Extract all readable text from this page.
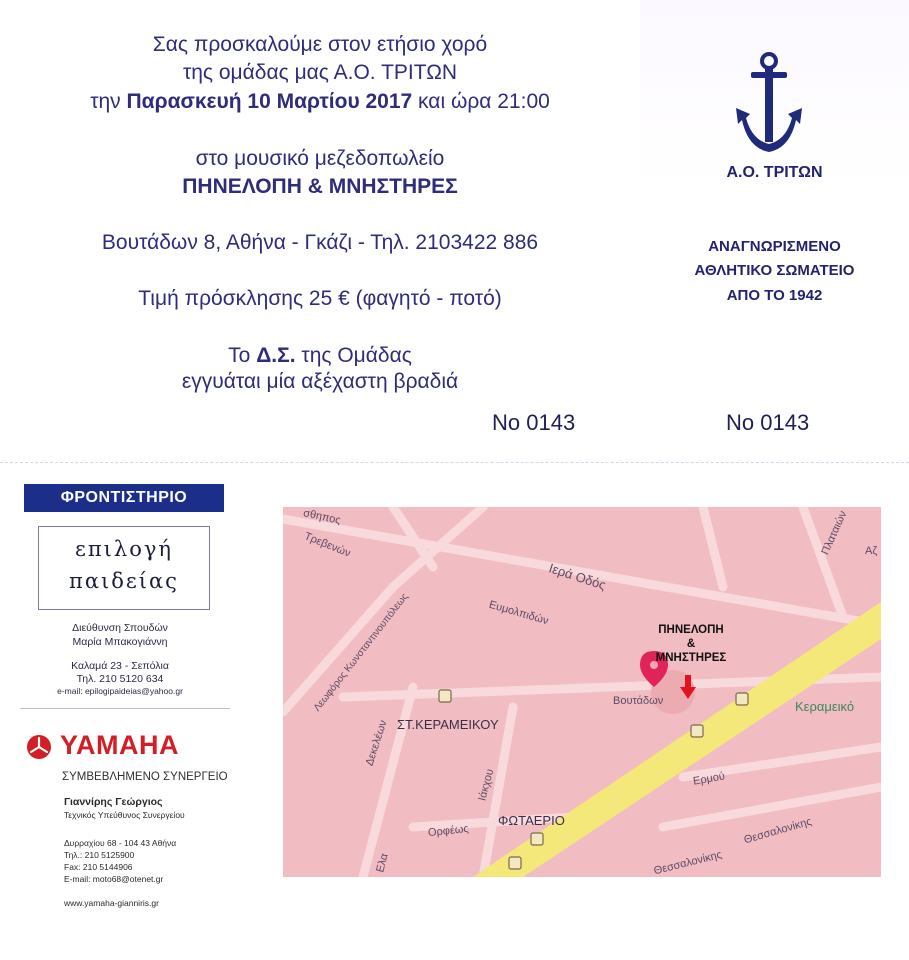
Σας προσκαλούμε στον ετήσιο χορό
της ομάδας μας Α.Ο. ΤΡΙΤΩΝ
την Παρασκευή 10 Μαρτίου 2017 και ώρα 21:00
στο μουσικό μεζεδοπωλείο
ΠΗΝΕΛΟΠΗ & ΜΝΗΣΤΗΡΕΣ
Βουτάδων 8, Αθήνα - Γκάζι - Τηλ. 2103422 886
Τιμή πρόσκλησης 25 € (φαγητό - ποτό)
Το Δ.Σ. της Ομάδας
εγγυάται μία αξέχαστη βραδιά
No 0143
Α.Ο. ΤΡΙΤΩΝ
ΑΝΑΓΝΩΡΙΣΜΕΝΟ
ΑΘΛΗΤΙΚΟ ΣΩΜΑΤΕΙΟ
ΑΠΟ ΤΟ 1942
No 0143
ΦΡΟΝΤΙΣΤΗΡΙΟ
επιλογή
παιδείας
Διεύθυνση Σπουδών
Μαρία Μπακογιάννη
Καλαμά 23 - Σεπόλια
Τηλ. 210 5120 634
e-mail: epilogipaideias@yahoo.gr
YAMAHA
ΣΥΜΒΕΒΛΗΜΕΝΟ ΣΥΝΕΡΓΕΙΟ
Γιαννίρης Γεώργιος
Τεχνικός Υπεύθυνος Συνεργείου
Δυρραχίου 68 - 104 43 Αθήνα
Τηλ.: 210 5125900
Fax: 210 5144906
E-mail: moto68@otenet.gr
www.yamaha-gianniris.gr
Τρεβενών
Ιερά Οδός
Ευμολπιδών
Λεωφόρος Κωνσταντινουπόλεως	Βουτάδων
Δεκελέων
Ορφέως
Ιάκχου	Ερμού
Θεσσαλονίκης
Θεσσαλονίκης
Πλαταιών
Ελα
σθηπος
Αζ
ΣΤ.ΚΕΡΑΜΕΙΚΟΥ
ΦΩΤΑΕΡΙΟ
Κεραμεικό
ΠΗΝΕΛΟΠΗ
&
ΜΝΗΣΤΗΡΕΣ
